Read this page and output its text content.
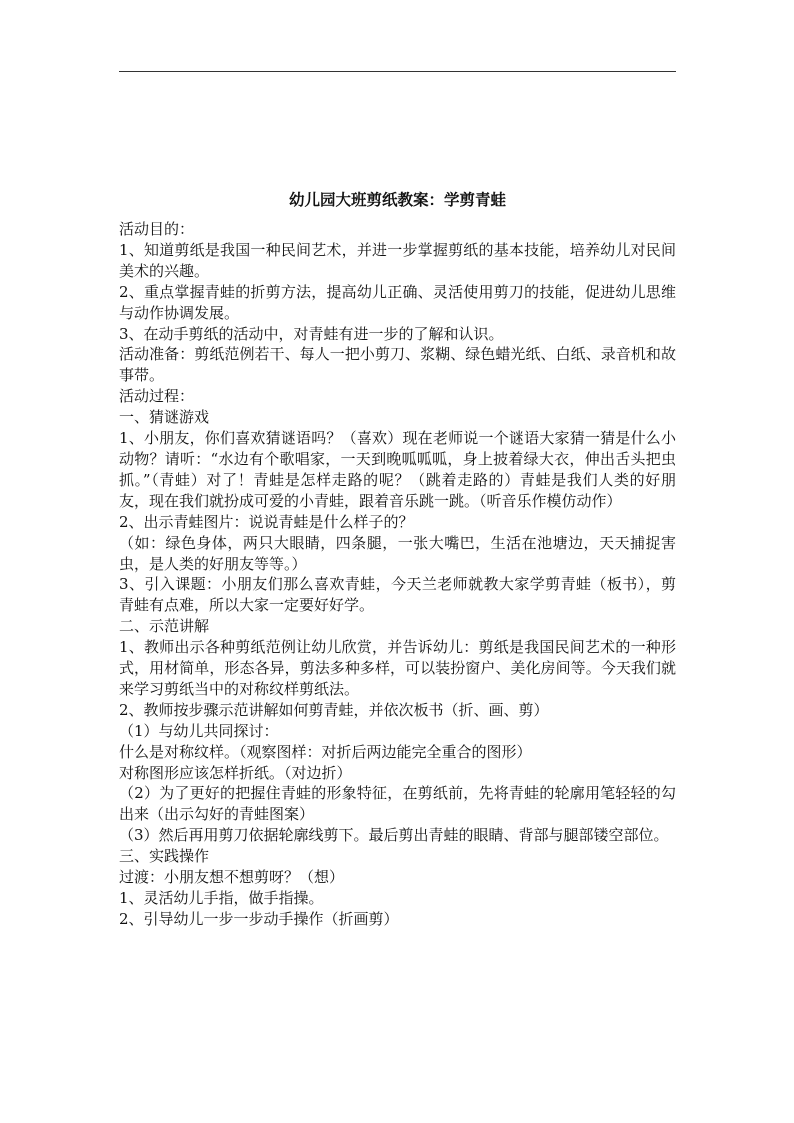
幼儿园大班剪纸教案：学剪青蛙

活动目的：

1、知道剪纸是我国一种民间艺术，并进一步掌握剪纸的基本技能，培养幼儿对民间美术的兴趣。

2、重点掌握青蛙的折剪方法，提高幼儿正确、灵活使用剪刀的技能，促进幼儿思维与动作协调发展。

3、在动手剪纸的活动中，对青蛙有进一步的了解和认识。

活动准备：剪纸范例若干、每人一把小剪刀、浆糊、绿色蜡光纸、白纸、录音机和故事带。

活动过程：

一、猜谜游戏

1、小朋友，你们喜欢猜谜语吗？（喜欢）现在老师说一个谜语大家猜一猜是什么小动物？请听：“水边有个歌唱家，一天到晚呱呱呱，身上披着绿大衣，伸出舌头把虫抓。”（青蛙）对了！青蛙是怎样走路的呢？（跳着走路的）青蛙是我们人类的好朋友，现在我们就扮成可爱的小青蛙，跟着音乐跳一跳。（听音乐作模仿动作）

2、出示青蛙图片：说说青蛙是什么样子的？

（如：绿色身体，两只大眼睛，四条腿，一张大嘴巴，生活在池塘边，天天捕捉害虫，是人类的好朋友等等。）

3、引入课题：小朋友们那么喜欢青蛙，今天兰老师就教大家学剪青蛙（板书），剪青蛙有点难，所以大家一定要好好学。

二、示范讲解

1、教师出示各种剪纸范例让幼儿欣赏，并告诉幼儿：剪纸是我国民间艺术的一种形式，用材简单，形态各异，剪法多种多样，可以装扮窗户、美化房间等。今天我们就来学习剪纸当中的对称纹样剪纸法。

2、教师按步骤示范讲解如何剪青蛙，并依次板书（折、画、剪）

（1）与幼儿共同探讨：

什么是对称纹样。（观察图样：对折后两边能完全重合的图形）

对称图形应该怎样折纸。（对边折）

（2）为了更好的把握住青蛙的形象特征，在剪纸前，先将青蛙的轮廓用笔轻轻的勾出来（出示勾好的青蛙图案）

（3）然后再用剪刀依据轮廓线剪下。最后剪出青蛙的眼睛、背部与腿部镂空部位。

三、实践操作

过渡：小朋友想不想剪呀？（想）

1、灵活幼儿手指，做手指操。

2、引导幼儿一步一步动手操作（折画剪）
